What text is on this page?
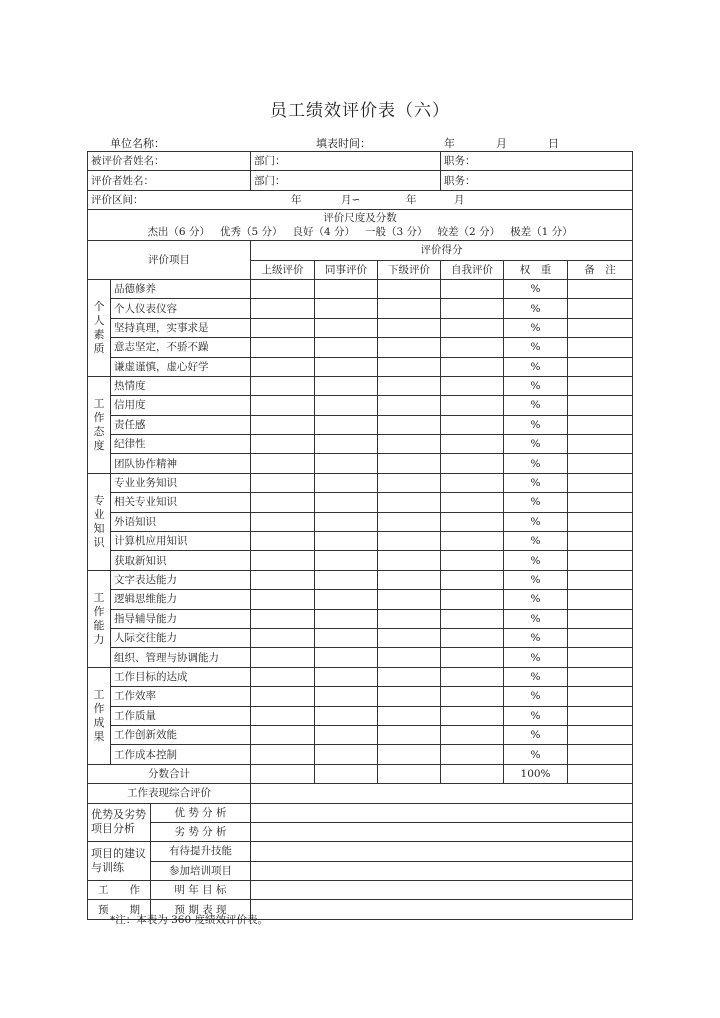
员工绩效评价表（六）
单位名称：	填表时间：	年	月	日
被评价者姓名：			部门：			职务：		
评价者姓名：			部门：			职务：		
评价区间： 年 月∽ 年 月								

评价尺度及分数
杰出（6 分）   优秀（5 分）   良好（4 分）   一般（3 分）   较差（2 分）   极差（1 分）								

评价项目			评价得分					
			上级评价	同事评价	下级评价	自我评价	权　重	备　注
个
人
素
质	品德修养						%	
	个人仪表仪容						%	
	坚持真理，实事求是						%	
	意志坚定，不骄不躁						%	
	谦虚谨慎，虚心好学						%	
工
作
态
度	热情度						%	
	信用度						%	
	责任感						%	
	纪律性						%	
	团队协作精神						%	
专
业
知
识	专业业务知识						%	
	相关专业知识						%	
	外语知识						%	
	计算机应用知识						%	
	获取新知识						%	
工
作
能
力	文字表达能力						%	
	逻辑思维能力						%	
	指导辅导能力						%	
	人际交往能力						%	
	组织、管理与协调能力						%	
工
作
成
果	工作目标的达成						%	
	工作效率						%	
	工作质量						%	
	工作创新效能						%	
	工作成本控制						%	
分数合计							100%	
工作表现综合评价								
优势及劣势项目分析		优 势 分 析						
		劣 势 分 析						
项目的建议与训练		有待提升技能						
		参加培训项目						
工　　作		明 年 目 标						
预　　期		预 期 表 现						
*注：本表为 360 度绩效评价表。
